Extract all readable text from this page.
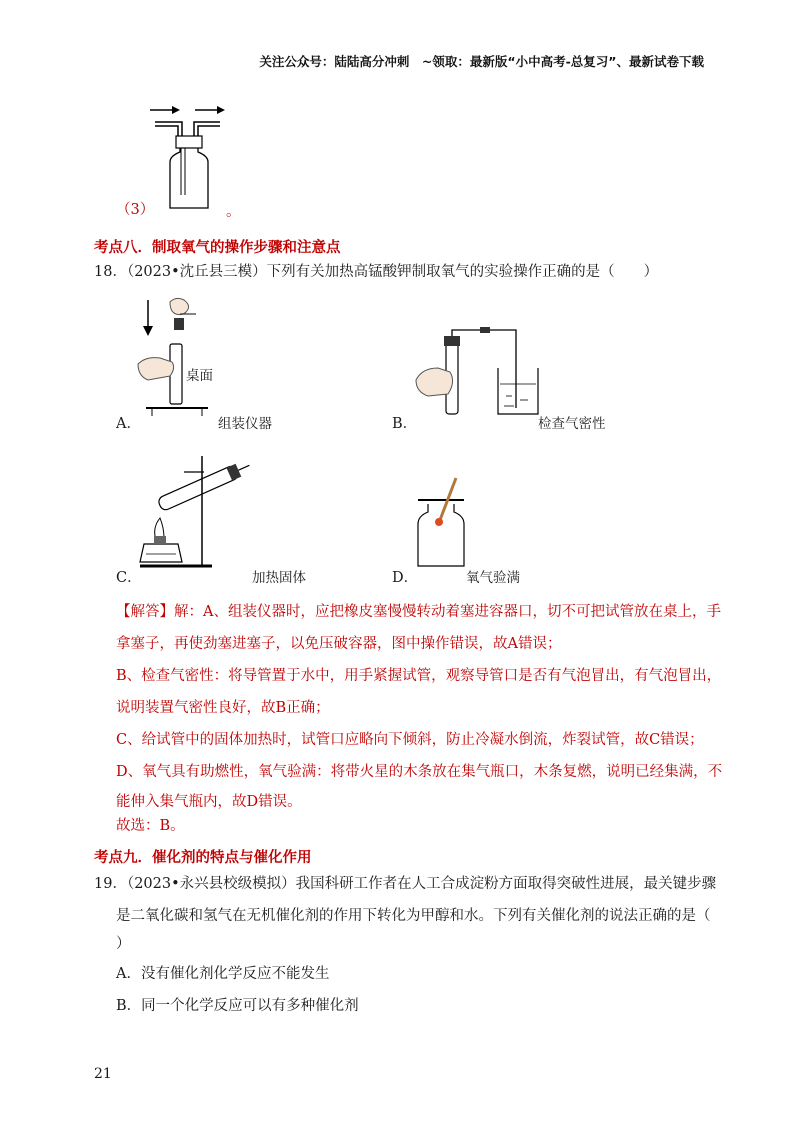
关注公众号：陆陆高分冲刺　~领取：最新版“小中高考-总复习”、最新试卷下载
（3）	。
考点八．制取氧气的操作步骤和注意点
18．（2023•沈丘县三模）下列有关加热高锰酸钾制取氧气的实验操作正确的是（　　）
桌面
A．	组装仪器	B．	检查气密性
C．	加热固体	D．	氧气验满
【解答】解：A、组装仪器时，应把橡皮塞慢慢转动着塞进容器口，切不可把试管放在桌上，手
拿塞子，再使劲塞进塞子，以免压破容器，图中操作错误，故A错误；
B、检查气密性：将导管置于水中，用手紧握试管，观察导管口是否有气泡冒出，有气泡冒出，
说明装置气密性良好，故B正确；
C、给试管中的固体加热时，试管口应略向下倾斜，防止冷凝水倒流，炸裂试管，故C错误；
D、氧气具有助燃性，氧气验满：将带火星的木条放在集气瓶口，木条复燃，说明已经集满，不
能伸入集气瓶内，故D错误。
故选：B。
考点九．催化剂的特点与催化作用
19．（2023•永兴县校级模拟）我国科研工作者在人工合成淀粉方面取得突破性进展，最关键步骤
是二氧化碳和氢气在无机催化剂的作用下转化为甲醇和水。下列有关催化剂的说法正确的是（
）
A．没有催化剂化学反应不能发生
B．同一个化学反应可以有多种催化剂
21
